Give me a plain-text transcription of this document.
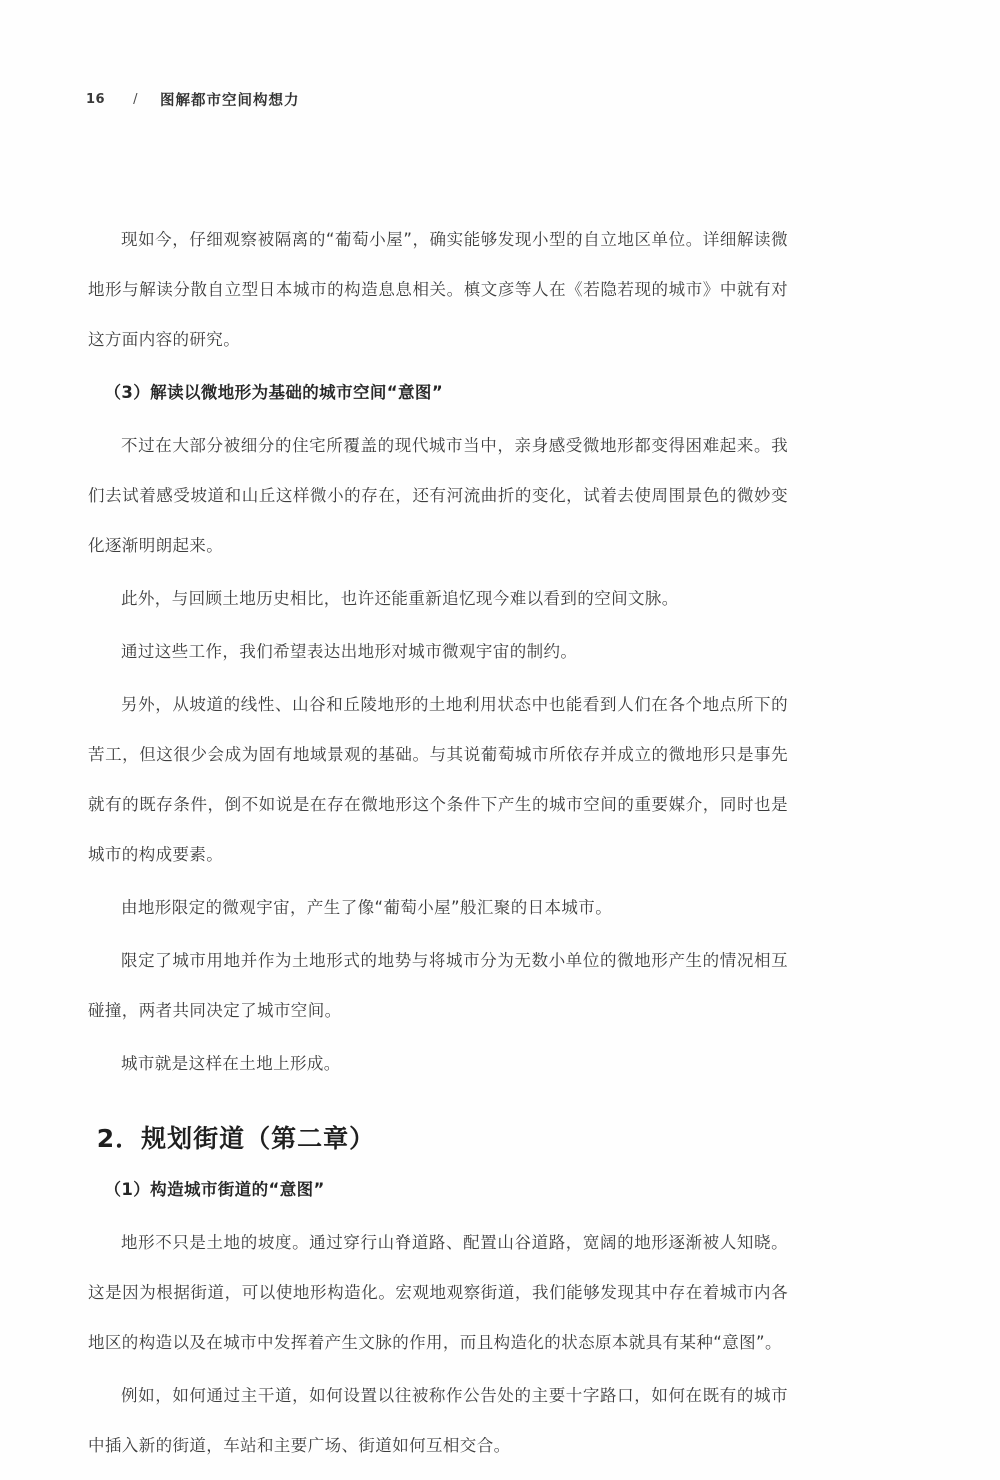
16 / 图解都市空间构想力

现如今，仔细观察被隔离的“葡萄小屋”，确实能够发现小型的自立地区单位。详细解读微地形与解读分散自立型日本城市的构造息息相关。槙文彦等人在《若隐若现的城市》中就有对这方面内容的研究。

（3）解读以微地形为基础的城市空间“意图”

不过在大部分被细分的住宅所覆盖的现代城市当中，亲身感受微地形都变得困难起来。我们去试着感受坡道和山丘这样微小的存在，还有河流曲折的变化，试着去使周围景色的微妙变化逐渐明朗起来。

此外，与回顾土地历史相比，也许还能重新追忆现今难以看到的空间文脉。

通过这些工作，我们希望表达出地形对城市微观宇宙的制约。

另外，从坡道的线性、山谷和丘陵地形的土地利用状态中也能看到人们在各个地点所下的苦工，但这很少会成为固有地域景观的基础。与其说葡萄城市所依存并成立的微地形只是事先就有的既存条件，倒不如说是在存在微地形这个条件下产生的城市空间的重要媒介，同时也是城市的构成要素。

由地形限定的微观宇宙，产生了像“葡萄小屋”般汇聚的日本城市。

限定了城市用地并作为土地形式的地势与将城市分为无数小单位的微地形产生的情况相互碰撞，两者共同决定了城市空间。

城市就是这样在土地上形成。

2．规划街道（第二章）

（1）构造城市街道的“意图”

地形不只是土地的坡度。通过穿行山脊道路、配置山谷道路，宽阔的地形逐渐被人知晓。这是因为根据街道，可以使地形构造化。宏观地观察街道，我们能够发现其中存在着城市内各地区的构造以及在城市中发挥着产生文脉的作用，而且构造化的状态原本就具有某种“意图”。

例如，如何通过主干道，如何设置以往被称作公告处的主要十字路口，如何在既有的城市中插入新的街道，车站和主要广场、街道如何互相交合。
